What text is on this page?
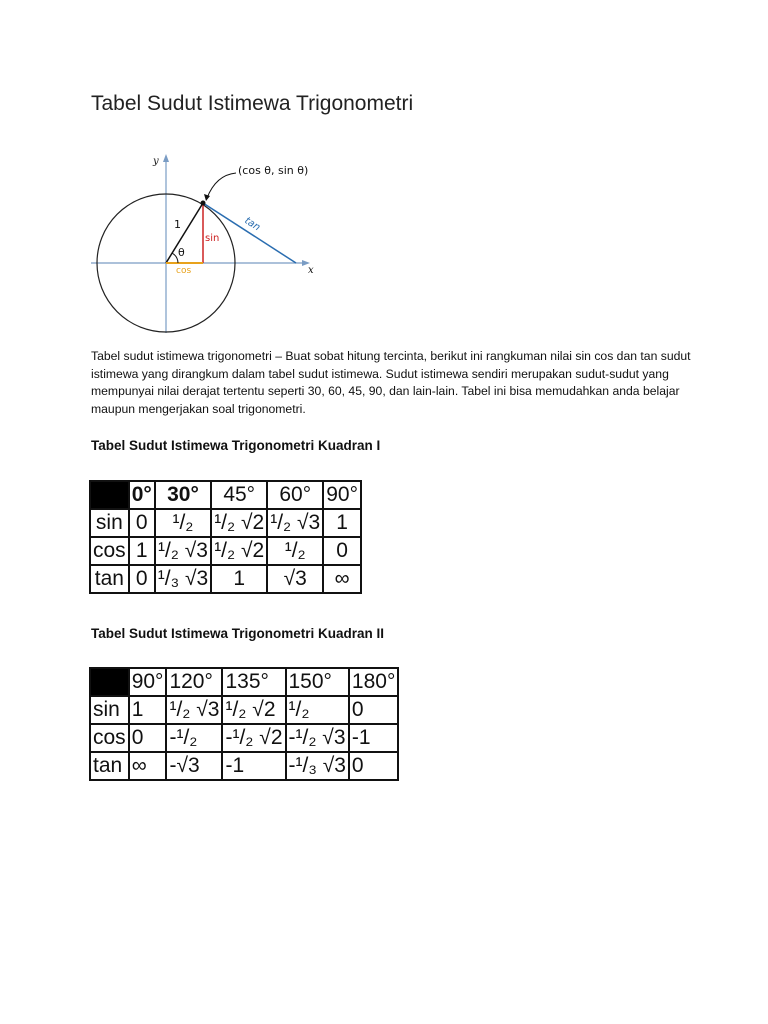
Tabel Sudut Istimewa Trigonometri
(cos θ, sin θ)
y
x
1
θ
sin
cos
tan

Tabel sudut istimewa trigonometri – Buat sobat hitung tercinta, berikut ini rangkuman nilai sin cos dan tan sudut istimewa yang dirangkum dalam tabel sudut istimewa. Sudut istimewa sendiri merupakan sudut-sudut yang mempunyai nilai derajat tertentu seperti 30, 60, 45, 90, dan lain-lain. Tabel ini bisa memudahkan anda belajar maupun mengerjakan soal trigonometri.

Tabel Sudut Istimewa Trigonometri Kuadran I
	0°	30°	45°	60°	90°
sin	0	¹/₂	¹/₂ √2	¹/₂ √3	1
cos	1	¹/₂ √3	¹/₂ √2	¹/₂	0
tan	0	¹/₃ √3	1	√3	∞
Tabel Sudut Istimewa Trigonometri Kuadran II
	90°	120°	135°	150°	180°
sin	1	¹/₂ √3	¹/₂ √2	¹/₂	0
cos	0	-¹/₂	-¹/₂ √2	-¹/₂ √3	-1
tan	∞	-√3	-1	-¹/₃ √3	0
